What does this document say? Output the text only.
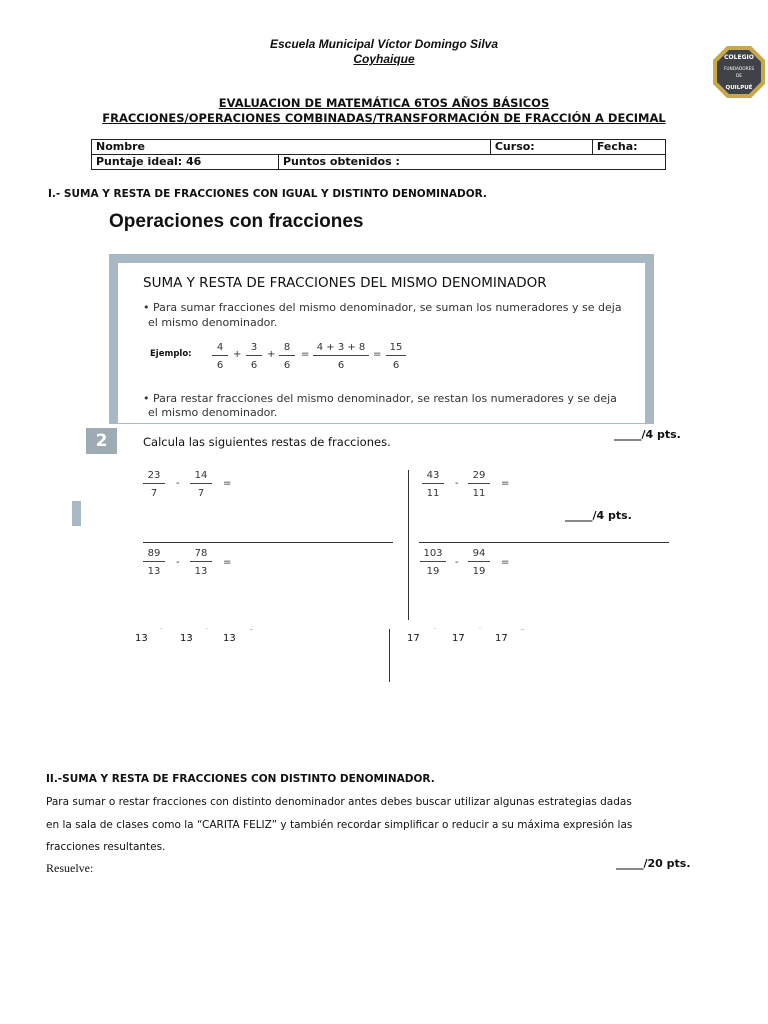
Escuela Municipal Víctor Domingo Silva
Coyhaique	COLEGIO
FUNDADORES
DE
QUILPUÉ
EVALUACION DE MATEMÁTICA 6TOS AÑOS BÁSICOS
FRACCIONES/OPERACIONES COMBINADAS/TRANSFORMACIÓN DE FRACCIÓN A DECIMAL
Nombre		Curso:	Fecha:
Puntaje ideal: 46	Puntos obtenidos :		
I.- SUMA Y RESTA DE FRACCIONES CON IGUAL Y DISTINTO DENOMINADOR.
Operaciones con fracciones
SUMA Y RESTA DE FRACCIONES DEL MISMO DENOMINADOR
• Para sumar fracciones del mismo denominador, se suman los numeradores y se deja
el mismo denominador.
Ejemplo: $\frac{4}{6} + \frac{3}{6} + \frac{8}{6} = \frac{4 + 3 + 8}{6} = \frac{15}{6}$
• Para restar fracciones del mismo denominador, se restan los numeradores y se deja
el mismo denominador.
2	Calcula las siguientes restas de fracciones.
_____/4 pts.
_____/4 pts.
$\frac{23}{7} - \frac{14}{7}$ =	$\frac{43}{11} - \frac{29}{11}$ =
$\frac{89}{13} - \frac{78}{13}$ =	$\frac{103}{19} - \frac{94}{19}$ =
13
·
13
·
13
–
17
·
17
·
17
–
II.-SUMA Y RESTA DE FRACCIONES CON DISTINTO DENOMINADOR.
Para sumar o restar fracciones con distinto denominador antes debes buscar utilizar algunas estrategias dadas
en la sala de clases como la “CARITA FELIZ” y también recordar simplificar o reducir a su máxima expresión las
fracciones resultantes.
Resuelve:	_____/20 pts.
